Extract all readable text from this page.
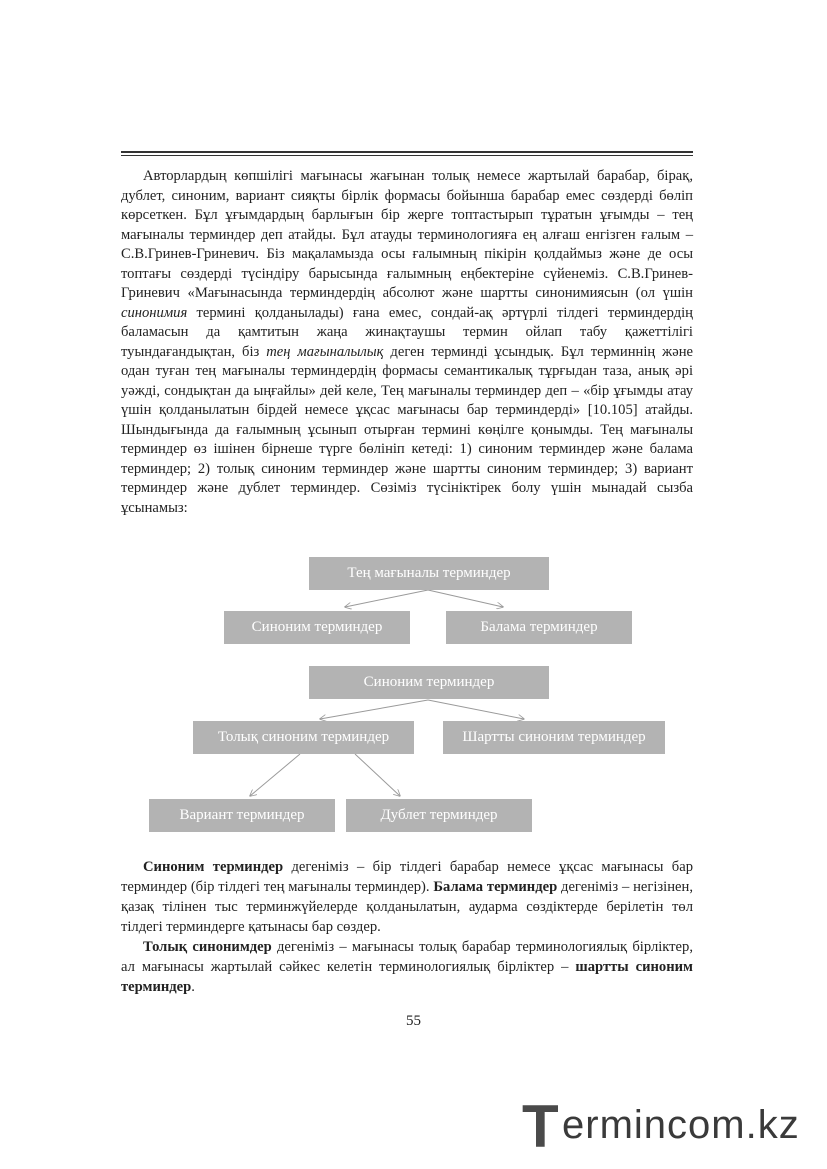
Авторлардың көпшілігі мағынасы жағынан толық немесе жартылай барабар, бірақ, дублет, синоним, вариант сияқты бірлік формасы бойынша барабар емес сөздерді бөліп көрсеткен. Бұл ұғымдардың барлығын бір жерге топтастырып тұратын ұғымды – тең мағыналы терминдер деп атайды. Бұл атауды терминологияға ең алғаш енгізген ғалым – С.В.Гринев-Гриневич. Біз мақаламызда осы ғалымның пікірін қолдаймыз және де осы топтағы сөздерді түсіндіру барысында ғалымның еңбектеріне сүйенеміз. С.В.Гринев-Гриневич «Мағынасында терминдердің абсолют және шартты синонимиясын (ол үшін синонимия термині қолданылады) ғана емес, сондай-ақ әртүрлі тілдегі терминдердің баламасын да қамтитын жаңа жинақтаушы термин ойлап табу қажеттілігі туындағандықтан, біз тең мағыналылық деген терминді ұсындық. Бұл терминнің және одан туған тең мағыналы терминдердің формасы семантикалық тұрғыдан таза, анық әрі уәжді, сондықтан да ыңғайлы» дей келе, Тең мағыналы терминдер деп – «бір ұғымды атау үшін қолданылатын бірдей немесе ұқсас мағынасы бар терминдерді» [10.105] атайды. Шындығында да ғалымның ұсынып отырған термині көңілге қонымды. Тең мағыналы терминдер өз ішінен бірнеше түрге бөлініп кетеді: 1) синоним терминдер және балама терминдер; 2) толық синоним терминдер және шартты синоним терминдер; 3) вариант терминдер және дублет терминдер. Сөзіміз түсініктірек болу үшін мынадай сызба ұсынамыз:

Тең мағыналы терминдер
Синоним терминдер	Балама терминдер
Синоним терминдер
Толық синоним терминдер	Шартты синоним терминдер
Вариант терминдер	Дублет терминдер

Синоним терминдер дегеніміз – бір тілдегі барабар немесе ұқсас мағынасы бар терминдер (бір тілдегі тең мағыналы терминдер). Балама терминдер дегеніміз – негізінен, қазақ тілінен тыс терминжүйелерде қолданылатын, аударма сөздіктерде берілетін төл тілдегі терминдерге қатынасы бар сөздер.

Толық синонимдер дегеніміз – мағынасы толық барабар терминологиялық бірліктер, ал мағынасы жартылай сәйкес келетін терминологиялық бірліктер – шартты синоним терминдер.

55
T ermincom.kz
